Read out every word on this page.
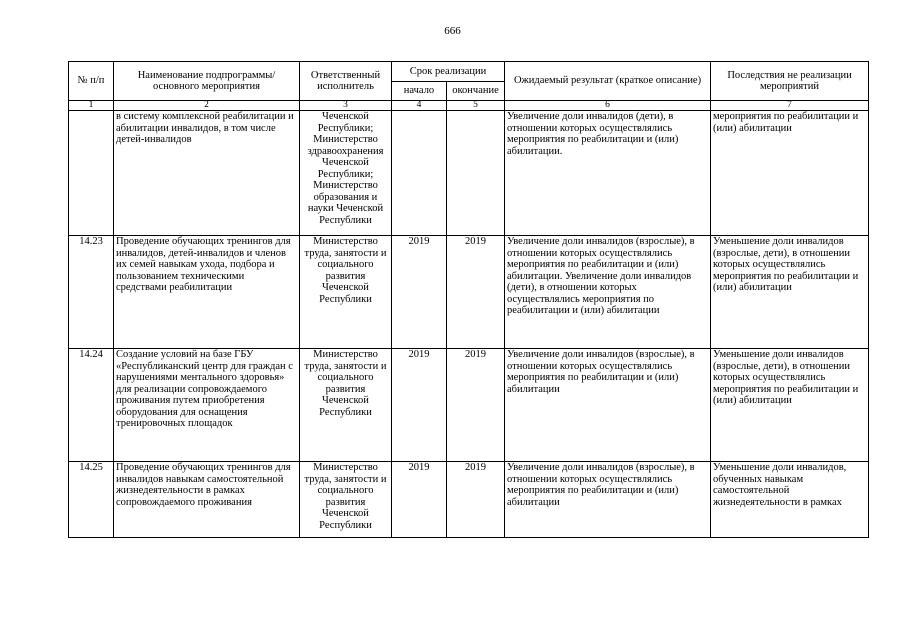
666
№ п/п	Наименование подпрограммы/ основного мероприятия	Ответственный исполнитель	Срок реализации		Ожидаемый результат (краткое описание)	Последствия не реализации мероприятий
			начало	окончание		
1	2	3	4	5	6	7
	в систему комплексной реабилитации и абилитации инвалидов, в том числе детей-инвалидов	Чеченской Республики; Министерство здравоохранения Чеченской Республики; Министерство образования и науки Чеченской Республики			Увеличение доли инвалидов (дети), в отношении которых осуществлялись мероприятия по реабилитации и (или) абилитации.	мероприятия по реабилитации и (или) абилитации
14.23	Проведение обучающих тренингов для инвалидов, детей-инвалидов и членов их семей навыкам ухода, подбора и пользованием техническими средствами реабилитации	Министерство труда, занятости и социального развития Чеченской Республики	2019	2019	Увеличение доли инвалидов (взрослые), в отношении которых осуществлялись мероприятия по реабилитации и (или) абилитации. Увеличение доли инвалидов (дети), в отношении которых осуществлялись мероприятия по реабилитации и (или) абилитации	Уменьшение доли инвалидов (взрослые, дети), в отношении которых осуществлялись мероприятия по реабилитации и (или) абилитации
14.24	Создание условий на базе ГБУ «Республиканский центр для граждан с нарушениями ментального здоровья» для реализации сопровождаемого проживания путем приобретения оборудования для оснащения тренировочных площадок	Министерство труда, занятости и социального развития Чеченской Республики	2019	2019	Увеличение доли инвалидов (взрослые), в отношении которых осуществлялись мероприятия по реабилитации и (или) абилитации	Уменьшение доли инвалидов (взрослые, дети), в отношении которых осуществлялись мероприятия по реабилитации и (или) абилитации
14.25	Проведение обучающих тренингов для инвалидов навыкам самостоятельной жизнедеятельности в рамках сопровождаемого проживания	Министерство труда, занятости и социального развития Чеченской Республики	2019	2019	Увеличение доли инвалидов (взрослые), в отношении которых осуществлялись мероприятия по реабилитации и (или) абилитации	Уменьшение доли инвалидов, обученных навыкам самостоятельной жизнедеятельности в рамках
